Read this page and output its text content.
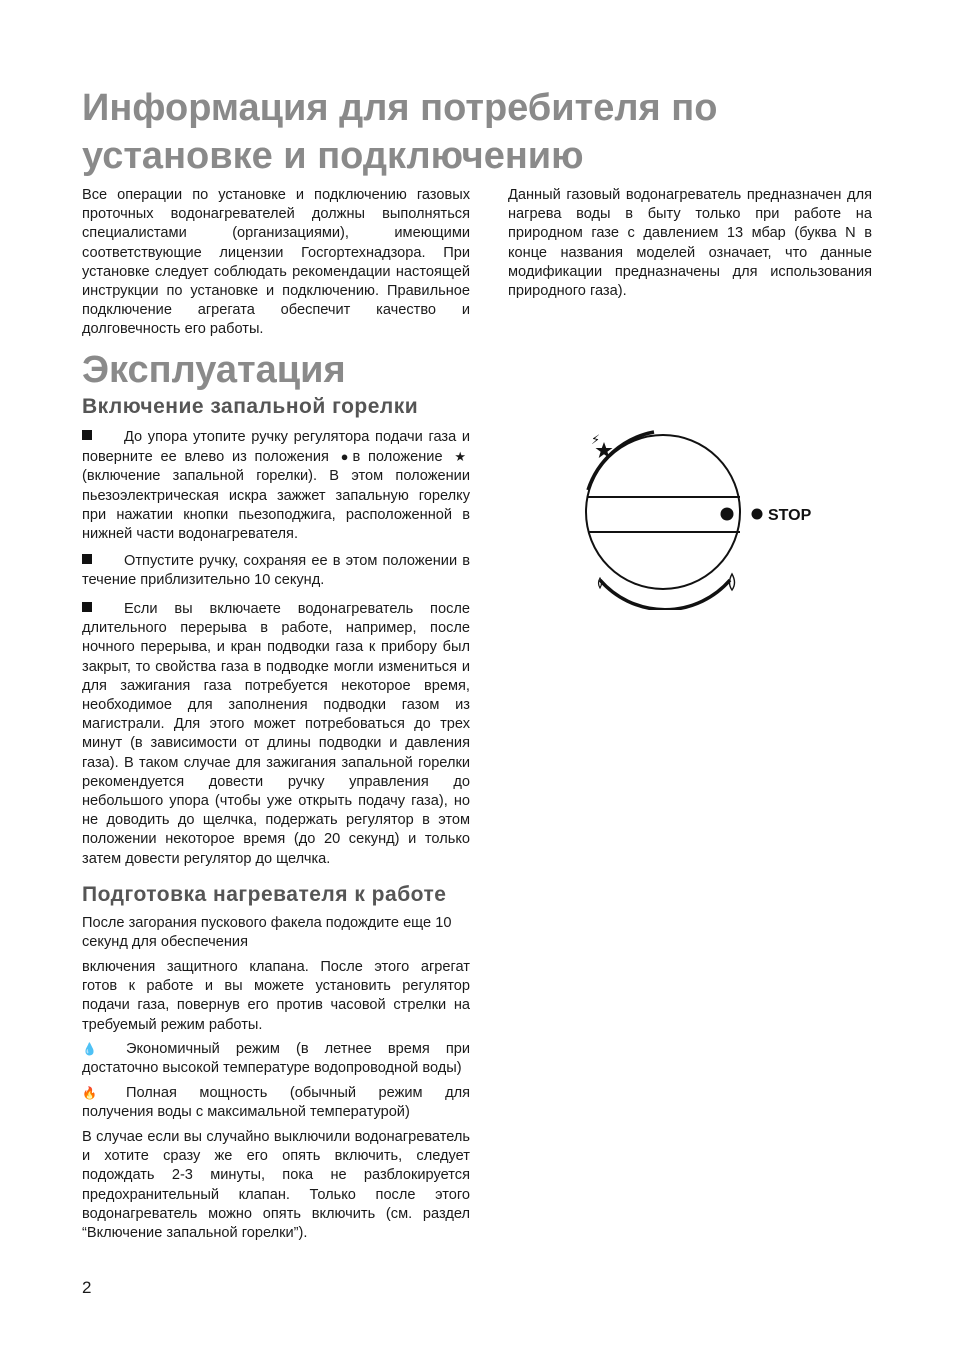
Информация для потребителя по
установке и подключению

Все операции по установке и подключению газовых проточных водонагревателей должны выполняться специалистами (организациями), имеющими соответствующие лицензии Госгортехнадзора. При установке следует соблюдать рекомендации настоящей инструкции по установке и подключению. Правильное подключение агрегата обеспечит качество и долговечность его работы.

Данный газовый водонагреватель предназначен для нагрева воды в быту только при работе на природном газе с давлением 13 мбар (буква N в конце названия моделей означает, что данные модификации предназначены для использования природного газа).

Эксплуатация
Включение запальной горелки

До упора утопите ручку регулятора подачи газа и поверните ее влево из положения ● в положение ★ (включение запальной горелки). В этом положении пьезоэлектрическая искра зажжет запальную горелку при нажатии кнопки пьезоподжига, расположенной в нижней части водонагревателя.

Отпустите ручку, сохраняя ее в этом положении в течение приблизительно 10 секунд.

Если вы включаете водонагреватель после длительного перерыва в работе, например, после ночного перерыва, и кран подводки газа к прибору был закрыт, то свойства газа в подводке могли измениться и для зажигания газа потребуется некоторое время, необходимое для заполнения подводки газом из магистрали. Для этого может потребоваться до трех минут (в зависимости от длины подводки и давления газа). В таком случае для зажигания запальной горелки рекомендуется довести ручку управления до небольшого упора (чтобы уже открыть подачу газа), но не доводить до щелчка, подержать регулятор в этом положении некоторое время (до 20 секунд) и только затем довести регулятор до щелчка.

Подготовка нагревателя к работе

После загорания пускового факела подождите еще 10 секунд для обеспечения

включения защитного клапана. После этого агрегат готов к работе и вы можете установить регулятор подачи газа, повернув его против часовой стрелки на требуемый режим работы.

💧 Экономичный режим (в летнее время при достаточно высокой температуре водопроводной воды)

🔥 Полная мощность (обычный режим для получения воды с максимальной температурой)

В случае если вы случайно выключили водонагреватель и хотите сразу же его опять включить, следует подождать 2-3 минуты, пока не разблокируется предохранительный клапан. Только после этого водонагреватель можно опять включить (см. раздел “Включение запальной горелки”).

STOP
⚡
2
